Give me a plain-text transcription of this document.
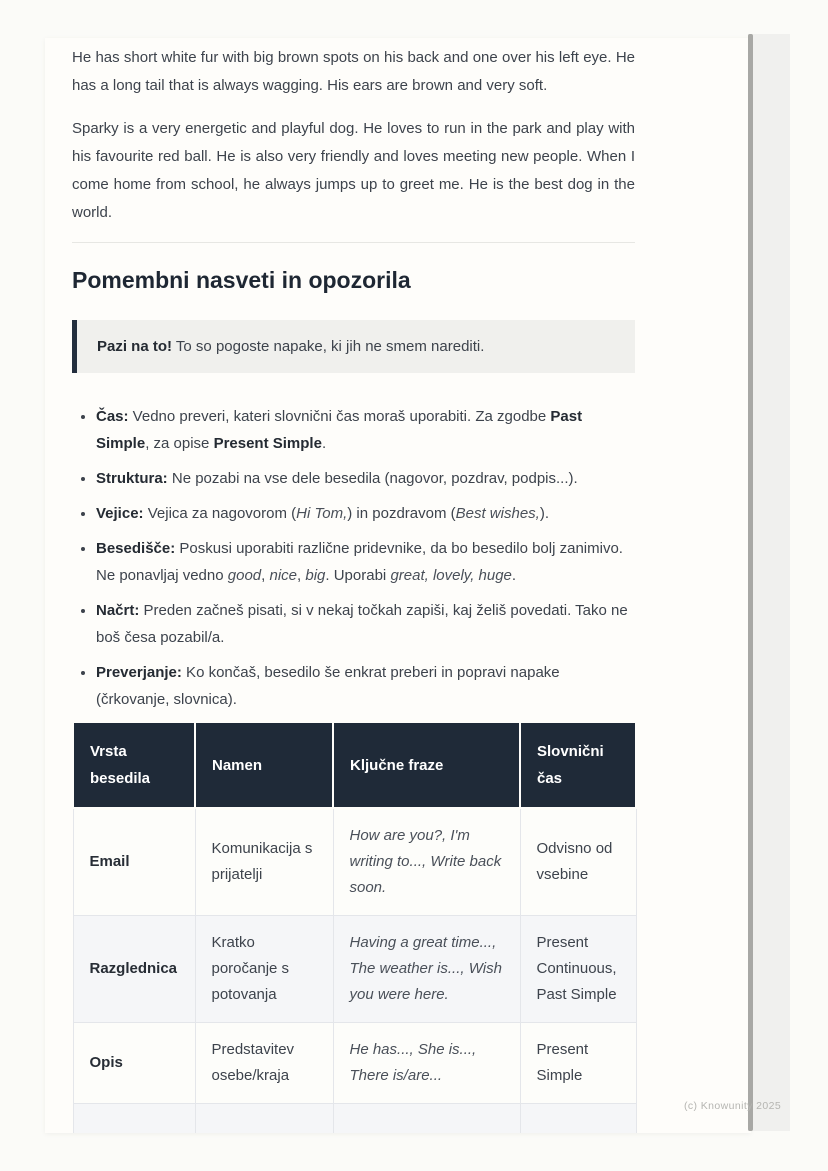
He has short white fur with big brown spots on his back and one over his left eye. He has a long tail that is always wagging. His ears are brown and very soft.

Sparky is a very energetic and playful dog. He loves to run in the park and play with his favourite red ball. He is also very friendly and loves meeting new people. When I come home from school, he always jumps up to greet me. He is the best dog in the world.

Pomembni nasveti in opozorila
Pazi na to! To so pogoste napake, ki jih ne smem narediti.
• Čas: Vedno preveri, kateri slovnični čas moraš uporabiti. Za zgodbe Past Simple, za opise Present Simple.
• Struktura: Ne pozabi na vse dele besedila (nagovor, pozdrav, podpis...).
• Vejice: Vejica za nagovorom (Hi Tom,) in pozdravom (Best wishes,).
• Besedišče: Poskusi uporabiti različne pridevnike, da bo besedilo bolj zanimivo. Ne ponavljaj vedno good, nice, big. Uporabi great, lovely, huge.
• Načrt: Preden začneš pisati, si v nekaj točkah zapiši, kaj želiš povedati. Tako ne boš česa pozabil/a.
• Preverjanje: Ko končaš, besedilo še enkrat preberi in popravi napake (črkovanje, slovnica).
Vrsta besedila	Namen	Ključne fraze	Slovnični čas
Email	Komunikacija s prijatelji	How are you?, I'm writing to..., Write back soon.	Odvisno od vsebine
Razglednica	Kratko poročanje s potovanja	Having a great time..., The weather is..., Wish you were here.	Present Continuous, Past Simple
Opis	Predstavitev osebe/kraja	He has..., She is..., There is/are...	Present Simple

(c) Knowunity 2025
